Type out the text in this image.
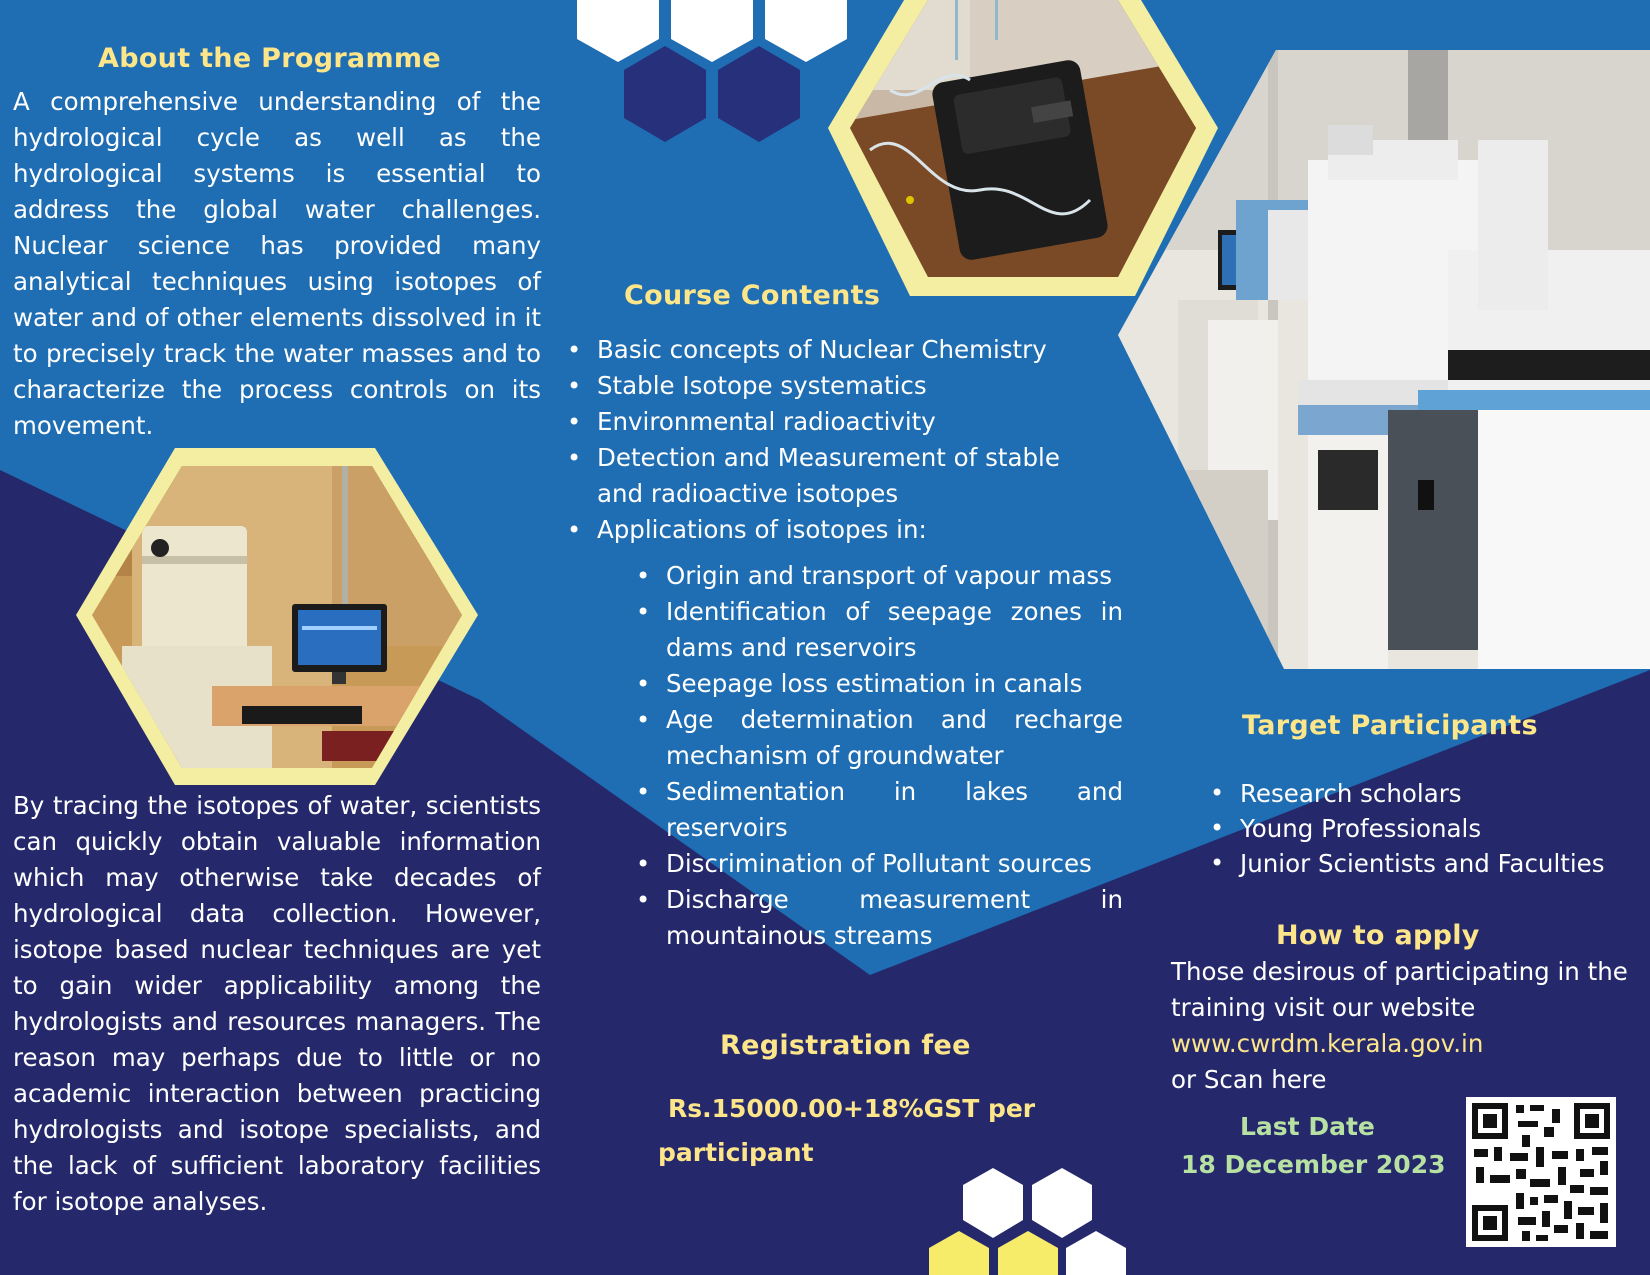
About the Programme

A comprehensive understanding of the hydrological cycle as well as the hydrological systems is essential to address the global water challenges. Nuclear science has provided many analytical techniques using isotopes of water and of other elements dissolved in it to precisely track the water masses and to characterize the process controls on its movement.

By tracing the isotopes of water, scientists can quickly obtain valuable information which may otherwise take decades of hydrological data collection. However, isotope based nuclear techniques are yet to gain wider applicability among the hydrologists and resources managers. The reason may perhaps due to little or no academic interaction between practicing hydrologists and isotope specialists, and the lack of sufficient laboratory facilities for isotope analyses.

Course Contents
• Basic concepts of Nuclear Chemistry
• Stable Isotope systematics
• Environmental radioactivity
• Detection and Measurement of stable and radioactive isotopes
• Applications of isotopes in:
• Origin and transport of vapour mass
• Identification of seepage zones in dams and reservoirs
• Seepage loss estimation in canals
• Age determination and recharge mechanism of groundwater
• Sedimentation in lakes and reservoirs
• Discrimination of Pollutant sources
• Discharge measurement in mountainous streams
Registration fee
Rs.15000.00+18%GST per
participant
Target Participants
• Research scholars
• Young Professionals
• Junior Scientists and Faculties
How to apply
Those desirous of participating in the training visit our website
www.cwrdm.kerala.gov.in
or Scan here
Last Date
18 December 2023
